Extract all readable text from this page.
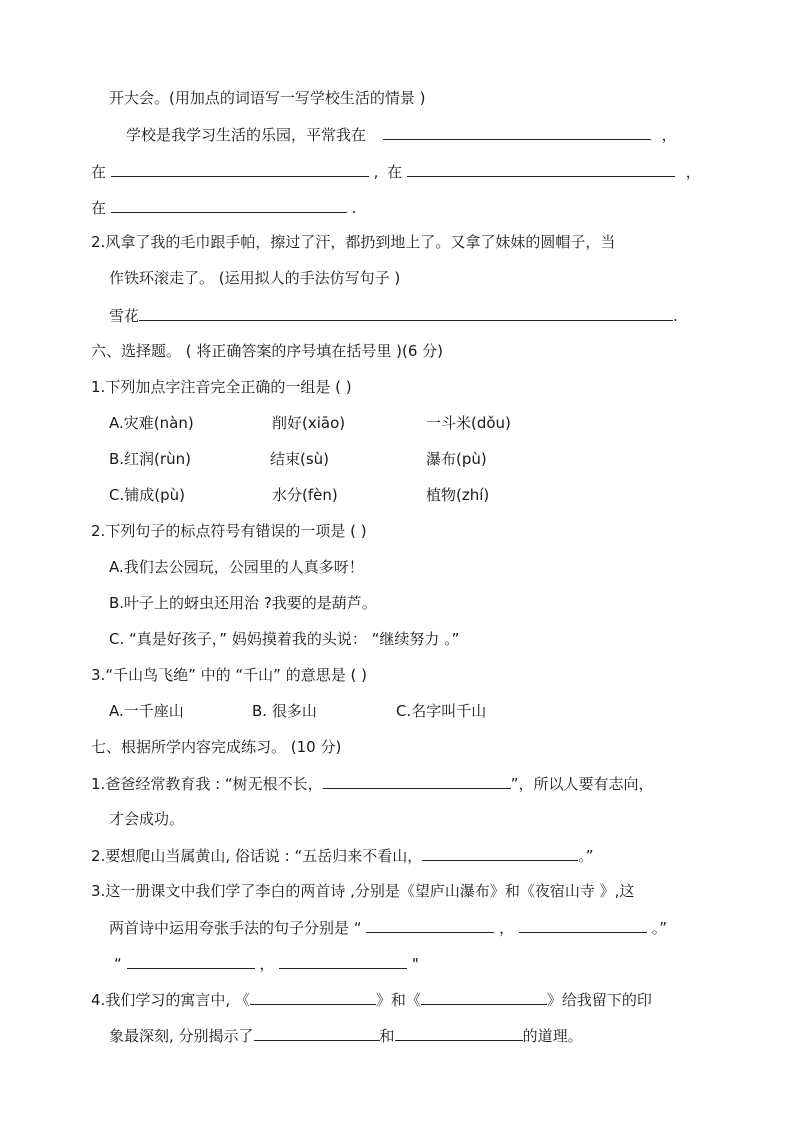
开大会。(用加点的词语写一写学校生活的情景 )
学校是我学习生活的乐园，平常我在	，
在	, 在	，
在	.
2.风拿了我的毛巾跟手帕，擦过了汗，都扔到地上了。又拿了妹妹的圆帽子，当
作铁环滚走了。 (运用拟人的手法仿写句子 )
雪花	.
六、选择题。 ( 将正确答案的序号填在括号里 )(6 分)
1.下列加点字注音完全正确的一组是 ( )
A.灾难(nàn)	削好(xiāo)	一斗米(dǒu)
B.红润(rùn)	结束(sù)	瀑布(pù)
C.铺成(pù)	水分(fèn)	植物(zhí)
2.下列句子的标点符号有错误的一项是 ( )
A.我们去公园玩，公园里的人真多呀！
B.叶子上的蚜虫还用治 ?我要的是葫芦。
C. “真是好孩子，” 妈妈摸着我的头说： “继续努力 。”
3.“千山鸟飞绝” 中的 “千山” 的意思是 ( )
A.一千座山	B. 很多山	C.名字叫千山
七、根据所学内容完成练习。 (10 分)
1.爸爸经常教育我 : “树无根不长，	”，所以人要有志向，
才会成功。
2.要想爬山当属黄山, 俗话说 : “五岳归来不看山，	。”
3.这一册课文中我们学了李白的两首诗 ,分别是《望庐山瀑布》和《夜宿山寺 》,这
两首诗中运用夸张手法的句子分别是 “	，	。”
“	，	"
4.我们学习的寓言中, 《	》和《	》给我留下的印
象最深刻, 分别揭示了	和	的道理。
